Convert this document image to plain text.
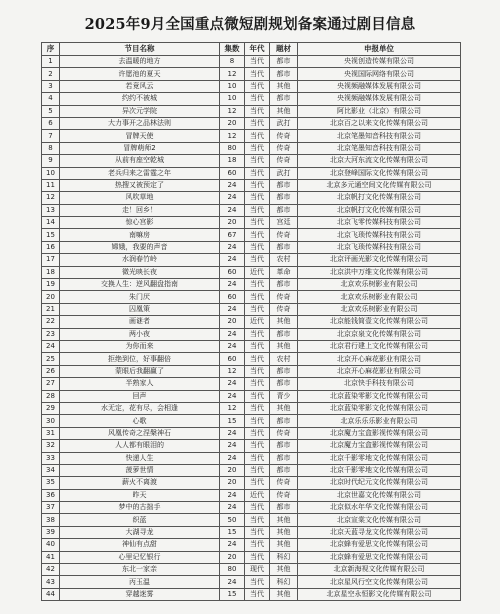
2025年9月全国重点微短剧规划备案通过剧目信息
序	节目名称	集数	年代	题材	申报单位
1	去温暖的地方	8	当代	都市	央视创造传媒有限公司
2	许愿池的夏天	12	当代	都市	央视国际网络有限公司
3	若竟风云	10	当代	其他	央视频融媒体发展有限公司
4	约约不被城	10	当代	都市	央视频融媒体发展有限公司
5	异次元学院	12	当代	其他	阿比影业（北京）有限公司
6	大力事开之品林法则	20	当代	武打	北京百之以来文化传媒有限公司
7	冒牌天使	12	当代	传奇	北京笔墨知音科技有限公司
8	冒牌萌师2	80	当代	传奇	北京笔墨知音科技有限公司
9	从前有座空乾城	18	当代	传奇	北京大河东流文化传媒有限公司
10	老兵归来之雷霆之年	60	当代	武打	北京登峰国际文化传媒有限公司
11	热搜又被预定了	24	当代	都市	北京多元通空间文化传媒有限公司
12	风吹草地	24	当代	都市	北京帆打文化传媒有限公司
13	走！回乡！	24	当代	都市	北京帆打文化传媒有限公司
14	惊心宫影	20	当代	宫廷	北京飞零传媒科技有限公司
15	南嘛房	67	当代	传奇	北京飞琐传媒科技有限公司
16	嫦娥，我要的声音	24	当代	都市	北京飞琐传媒科技有限公司
17	水润春竹岭	24	当代	农村	北京评画光影文化传媒有限公司
18	微光映长夜	60	近代	革命	北京洪中万维文化传媒有限公司
19	交换人生：逆风翻盘指南	24	当代	都市	北京欢乐树影业有限公司
20	朱门厌	60	当代	传奇	北京欢乐树影业有限公司
21	囚凰策	24	当代	传奇	北京欢乐树影业有限公司
22	画谜者	20	近代	其他	北京能钱简壹文化传媒有限公司
23	两小夜	24	当代	都市	北京京泉文化传媒有限公司
24	为你而来	24	当代	其他	北京君行建上文化传媒有限公司
25	拒绝到位，好事翻倍	60	当代	农村	北京开心麻花影业有限公司
26	蒙眼后我翻赢了	12	当代	都市	北京开心麻花影业有限公司
27	半熟家人	24	当代	都市	北京快手科技有限公司
28	回声	24	当代	青少	北京蓝染零影文化传媒有限公司
29	水无定，花有尽，会相逢	12	当代	其他	北京蓝染零影文化传媒有限公司
30	心歌	15	当代	都市	北京乐乐乐影业有限公司
31	风凰传奇之涅槃神石	24	当代	传奇	北京魔力宝盒影视传媒有限公司
32	人人都有眼泪的	24	当代	都市	北京魔力宝盒影视传媒有限公司
33	快递人生	24	当代	都市	北京千影零地文化传媒有限公司
34	菠萝世情	20	当代	都市	北京千影零地文化传媒有限公司
35	薪火不离渡	20	当代	传奇	北京时代纪元文化传媒有限公司
36	昨天	24	近代	传奇	北京世嘉文化传媒有限公司
37	梦中的古拙手	24	当代	都市	北京似水年华文化传媒有限公司
38	织蓝	50	当代	其他	北京宣棠文化传媒有限公司
39	大湖寻龙	15	当代	其他	北京天蓝寻龙文化传媒有限公司
40	神仙有点甜	24	当代	其他	北京蜂有爱思文化传媒有限公司
41	心里记忆银行	20	当代	科幻	北京蜂有爱思文化传媒有限公司
42	东北一家亲	80	现代	其他	北京新海视文化传媒有限公司
43	丙玉温	24	当代	科幻	北京星风行空文化传媒有限公司
44	穿越迷雾	15	当代	其他	北京星空永恒影文化传媒有限公司
